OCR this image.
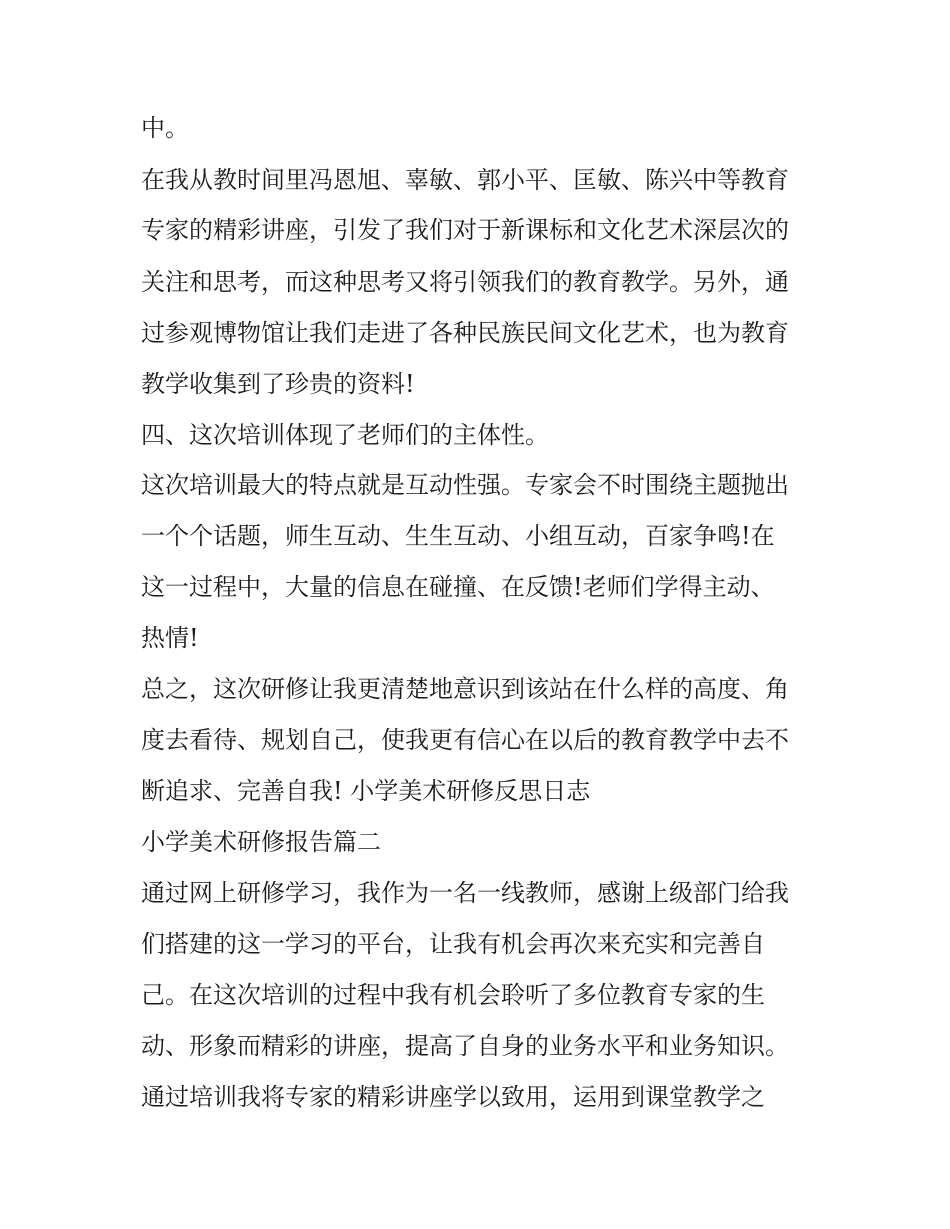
中。
在我从教时间里冯恩旭、辜敏、郭小平、匡敏、陈兴中等教育
专家的精彩讲座，引发了我们对于新课标和文化艺术深层次的
关注和思考，而这种思考又将引领我们的教育教学。另外，通
过参观博物馆让我们走进了各种民族民间文化艺术，也为教育
教学收集到了珍贵的资料!
四、这次培训体现了老师们的主体性。
这次培训最大的特点就是互动性强。专家会不时围绕主题抛出
一个个话题，师生互动、生生互动、小组互动，百家争鸣!在
这一过程中，大量的信息在碰撞、在反馈!老师们学得主动、
热情!
总之，这次研修让我更清楚地意识到该站在什么样的高度、角
度去看待、规划自己，使我更有信心在以后的教育教学中去不
断追求、完善自我! 小学美术研修反思日志
小学美术研修报告篇二
通过网上研修学习，我作为一名一线教师，感谢上级部门给我
们搭建的这一学习的平台，让我有机会再次来充实和完善自
己。在这次培训的过程中我有机会聆听了多位教育专家的生
动、形象而精彩的讲座，提高了自身的业务水平和业务知识。
通过培训我将专家的精彩讲座学以致用，运用到课堂教学之
